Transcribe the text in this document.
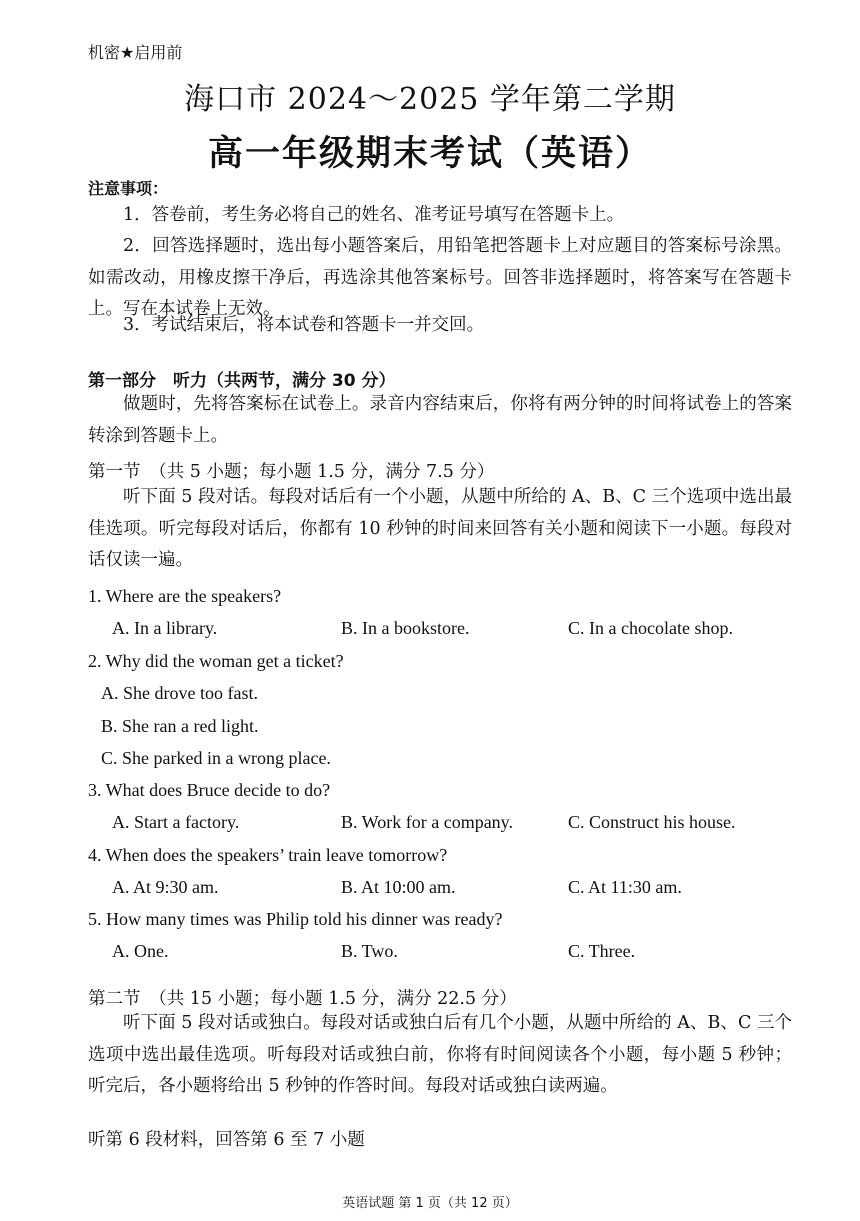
机密★启用前
海口市 2024～2025 学年第二学期
高一年级期末考试（英语）
注意事项：
1．答卷前，考生务必将自己的姓名、准考证号填写在答题卡上。
2．回答选择题时，选出每小题答案后，用铅笔把答题卡上对应题目的答案标号涂黑。如需改动，用橡皮擦干净后，再选涂其他答案标号。回答非选择题时，将答案写在答题卡上。写在本试卷上无效。
3．考试结束后，将本试卷和答题卡一并交回。
第一部分　听力（共两节，满分 30 分）
做题时，先将答案标在试卷上。录音内容结束后，你将有两分钟的时间将试卷上的答案转涂到答题卡上。
第一节　（共 5 小题；每小题 1.5 分，满分 7.5 分）
听下面 5 段对话。每段对话后有一个小题，从题中所给的 A、B、C 三个选项中选出最佳选项。听完每段对话后，你都有 10 秒钟的时间来回答有关小题和阅读下一小题。每段对话仅读一遍。
1. Where are the speakers?
A. In a library.	B. In a bookstore.	C. In a chocolate shop.
2. Why did the woman get a ticket?
A. She drove too fast.
B. She ran a red light.
C. She parked in a wrong place.
3. What does Bruce decide to do?
A. Start a factory.	B. Work for a company.	C. Construct his house.
4. When does the speakers’ train leave tomorrow?
A. At 9:30 am.	B. At 10:00 am.	C. At 11:30 am.
5. How many times was Philip told his dinner was ready?
A. One.	B. Two.	C. Three.
第二节　（共 15 小题；每小题 1.5 分，满分 22.5 分）
听下面 5 段对话或独白。每段对话或独白后有几个小题，从题中所给的 A、B、C 三个选项中选出最佳选项。听每段对话或独白前，你将有时间阅读各个小题，每小题 5 秒钟；听完后，各小题将给出 5 秒钟的作答时间。每段对话或独白读两遍。
听第 6 段材料，回答第 6 至 7 小题
英语试题 第 1 页（共 12 页）
